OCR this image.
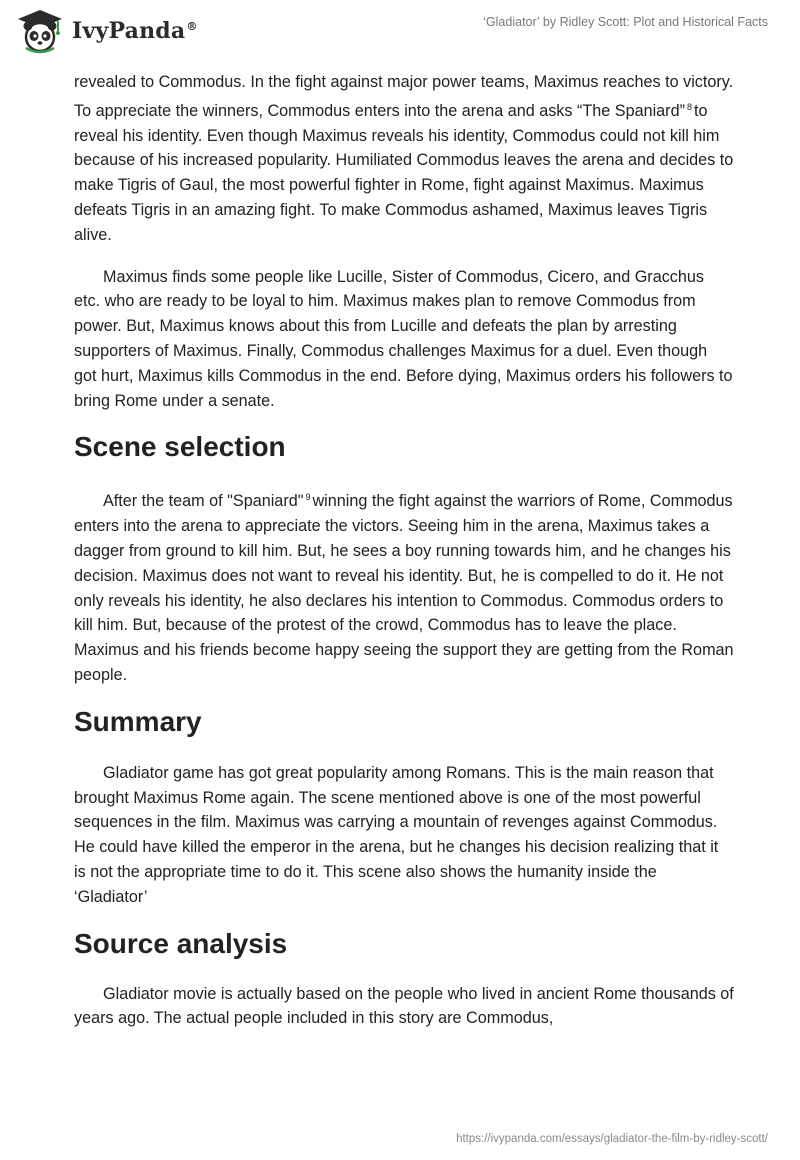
IvyPanda®	‘Gladiator’ by Ridley Scott: Plot and Historical Facts

revealed to Commodus. In the fight against major power teams, Maximus reaches to victory. To appreciate the winners, Commodus enters into the arena and asks “The Spaniard” $^8$ to reveal his identity. Even though Maximus reveals his identity, Commodus could not kill him because of his increased popularity. Humiliated Commodus leaves the arena and decides to make Tigris of Gaul, the most powerful fighter in Rome, fight against Maximus. Maximus defeats Tigris in an amazing fight. To make Commodus ashamed, Maximus leaves Tigris alive.

Maximus finds some people like Lucille, Sister of Commodus, Cicero, and Gracchus etc. who are ready to be loyal to him. Maximus makes plan to remove Commodus from power. But, Maximus knows about this from Lucille and defeats the plan by arresting supporters of Maximus. Finally, Commodus challenges Maximus for a duel. Even though got hurt, Maximus kills Commodus in the end. Before dying, Maximus orders his followers to bring Rome under a senate.

Scene selection

After the team of "Spaniard" $^9$ winning the fight against the warriors of Rome, Commodus enters into the arena to appreciate the victors. Seeing him in the arena, Maximus takes a dagger from ground to kill him. But, he sees a boy running towards him, and he changes his decision. Maximus does not want to reveal his identity. But, he is compelled to do it. He not only reveals his identity, he also declares his intention to Commodus. Commodus orders to kill him. But, because of the protest of the crowd, Commodus has to leave the place. Maximus and his friends become happy seeing the support they are getting from the Roman people.

Summary

Gladiator game has got great popularity among Romans. This is the main reason that brought Maximus Rome again. The scene mentioned above is one of the most powerful sequences in the film. Maximus was carrying a mountain of revenges against Commodus. He could have killed the emperor in the arena, but he changes his decision realizing that it is not the appropriate time to do it. This scene also shows the humanity inside the ‘Gladiator’

Source analysis

Gladiator movie is actually based on the people who lived in ancient Rome thousands of years ago. The actual people included in this story are Commodus,

https://ivypanda.com/essays/gladiator-the-film-by-ridley-scott/
